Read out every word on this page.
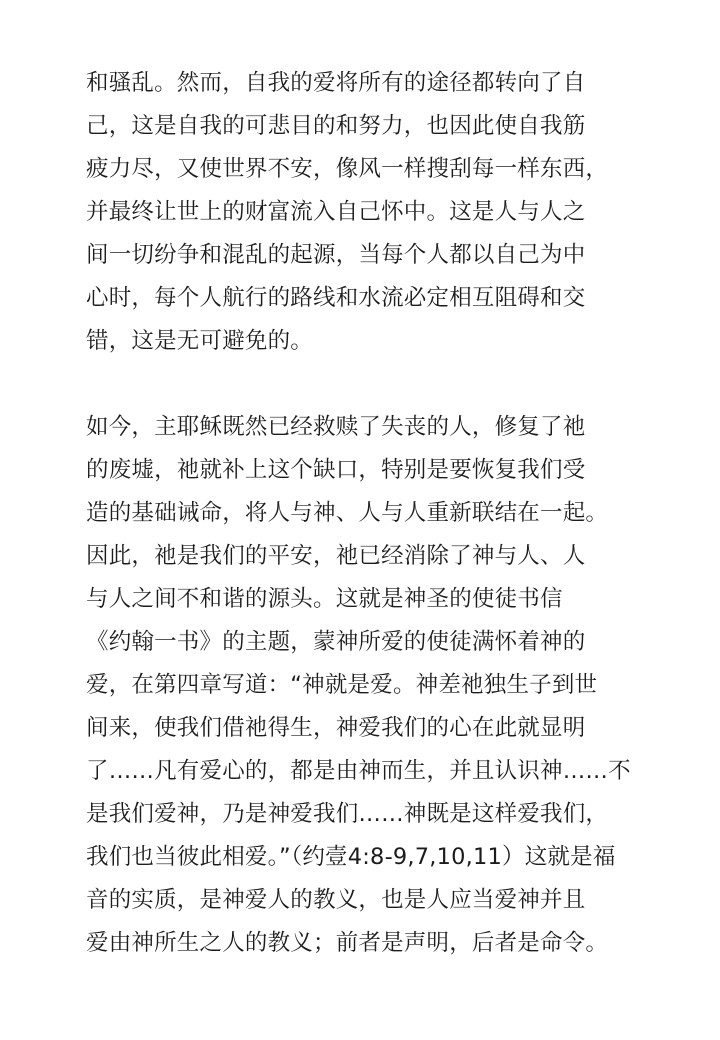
和骚乱。然而，自我的爱将所有的途径都转向了自
己，这是自我的可悲目的和努力，也因此使自我筋
疲力尽，又使世界不安，像风一样搜刮每一样东西，
并最终让世上的财富流入自己怀中。这是人与人之
间一切纷争和混乱的起源，当每个人都以自己为中
心时，每个人航行的路线和水流必定相互阻碍和交
错，这是无可避免的。
如今，主耶稣既然已经救赎了失丧的人，修复了祂
的废墟，祂就补上这个缺口，特别是要恢复我们受
造的基础诫命，将人与神、人与人重新联结在一起。
因此，祂是我们的平安，祂已经消除了神与人、人
与人之间不和谐的源头。这就是神圣的使徒书信
《约翰一书》的主题，蒙神所爱的使徒满怀着神的
爱，在第四章写道：“神就是爱。神差祂独生子到世
间来，使我们借祂得生，神爱我们的心在此就显明
了……凡有爱心的，都是由神而生，并且认识神……不
是我们爱神，乃是神爱我们……神既是这样爱我们，
我们也当彼此相爱。”（约壹4:8-9,7,10,11）这就是福
音的实质，是神爱人的教义，也是人应当爱神并且
爱由神所生之人的教义；前者是声明，后者是命令。
